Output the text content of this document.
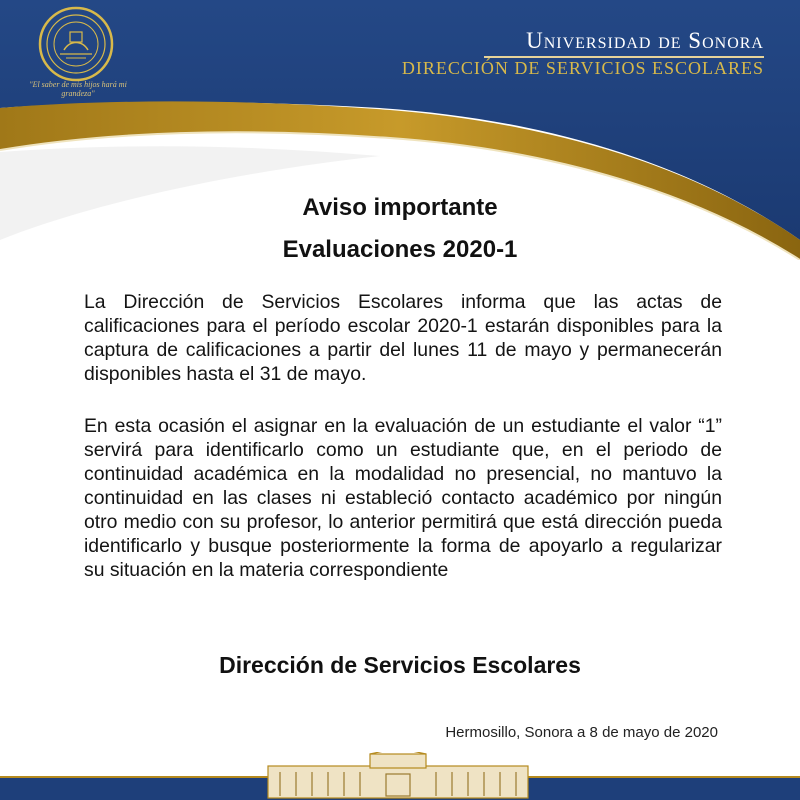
"El saber de mis hijos hará mi grandeza"
Universidad de Sonora
DIRECCIÓN DE SERVICIOS ESCOLARES
Aviso importante
Evaluaciones 2020-1

La Dirección de Servicios Escolares informa que las actas de calificaciones para el período escolar 2020-1 estarán disponibles para la captura de calificaciones a partir del lunes 11 de mayo y permanecerán disponibles hasta el 31 de mayo.

En esta ocasión el asignar en la evaluación de un estudiante el valor “1” servirá para identificarlo como un estudiante que, en el periodo de continuidad académica en la modalidad no presencial, no mantuvo la continuidad en las clases ni estableció contacto académico por ningún otro medio con su profesor, lo anterior permitirá que está dirección pueda identificarlo y busque posteriormente la forma de apoyarlo a regularizar su situación en la materia correspondiente

Dirección de Servicios Escolares
Hermosillo, Sonora a 8 de mayo de 2020
